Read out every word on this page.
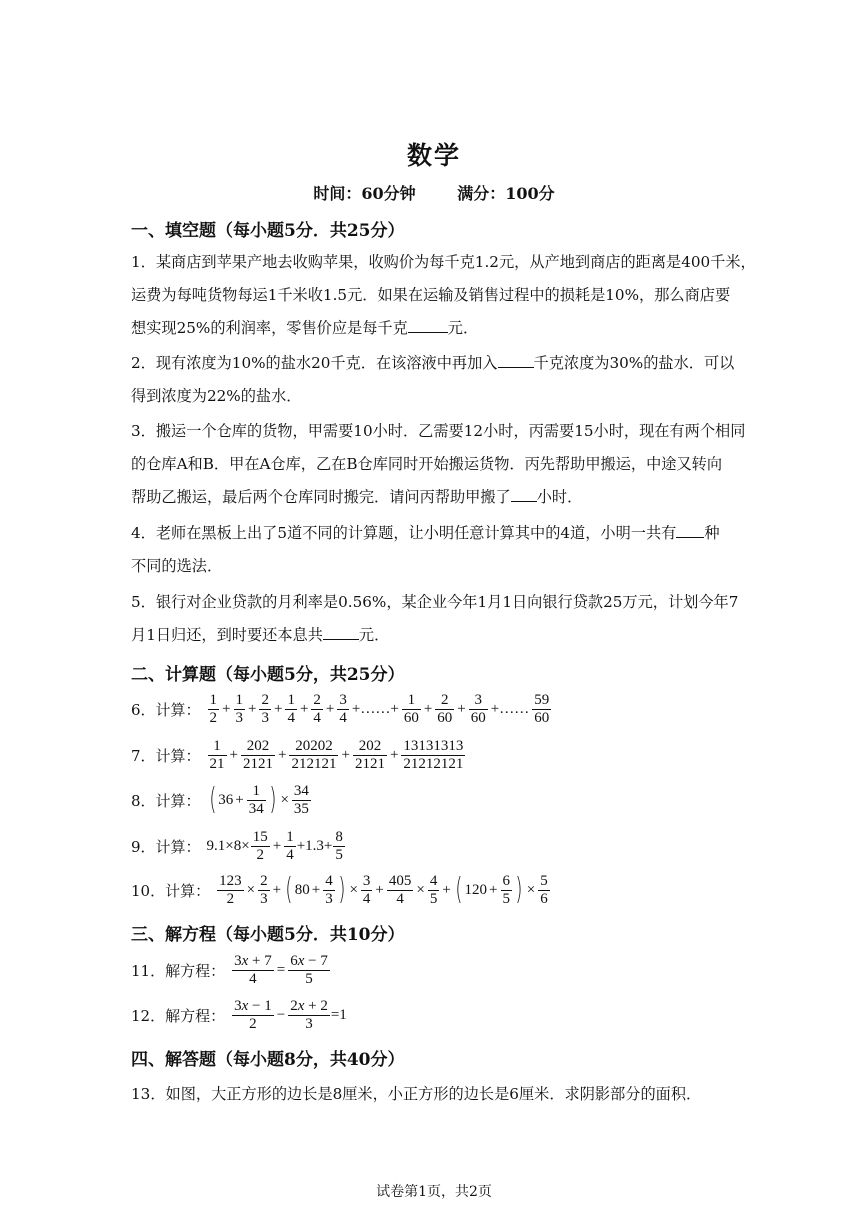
数学
时间：60分钟	满分：100分
一、填空题（每小题5分．共25分）
1．某商店到苹果产地去收购苹果，收购价为每千克1.2元，从产地到商店的距离是400千米，
运费为每吨货物每运1千米收1.5元．如果在运输及销售过程中的损耗是10%，那么商店要
想实现25%的利润率，零售价应是每千克	元．
2．现有浓度为10%的盐水20千克．在该溶液中再加入 千克浓度为30%的盐水．可以
得到浓度为22%的盐水．
3．搬运一个仓库的货物，甲需要10小时．乙需要12小时，丙需要15小时，现在有两个相同
的仓库A和B．甲在A仓库，乙在B仓库同时开始搬运货物．丙先帮助甲搬运，中途又转向
帮助乙搬运，最后两个仓库同时搬完．请问丙帮助甲搬了 小时．
4．老师在黑板上出了5道不同的计算题，让小明任意计算其中的4道，小明一共有 种
不同的选法．
5．银行对企业贷款的月利率是0.56%，某企业今年1月1日向银行贷款25万元，计划今年7
月1日归还，到时要还本息共 元．
二、计算题（每小题5分，共25分）
6．计算： $\frac{1}{2} + \frac{1}{3} + \frac{2}{3} + \frac{1}{4} + \frac{2}{4} + \frac{3}{4}$ +……+ $\frac{1}{60} + \frac{2}{60} + \frac{3}{60}$ +…… $\frac{59}{60}$
7．计算： $\frac{1}{21} + \frac{202}{2121} + \frac{20202}{212121} + \frac{202}{2121} + \frac{13131313}{21212121}$
8．计算： ( $36 + \frac{1}{34}$ ) × $\frac{34}{35}$
9．计算： $9.1\times 8\times \frac{15}{2} + \frac{1}{4} +1.3+ \frac{8}{5}$
10．计算： $\frac{123}{2} \times \frac{2}{3}$ + ( $80 + \frac{4}{3}$ ) × $\frac{3}{4} + \frac{405}{4} \times \frac{4}{5}$ + ( $120 + \frac{6}{5}$ ) × $\frac{5}{6}$
三、解方程（每小题5分．共10分）
11．解方程： $\frac{3x + 7}{4} = \frac{6x - 7}{5}$
12．解方程： $\frac{3x - 1}{2} - \frac{2x + 2}{3} =1$
四、解答题（每小题8分，共40分）
13．如图，大正方形的边长是8厘米，小正方形的边长是6厘米．求阴影部分的面积．
试卷第1页，共2页
